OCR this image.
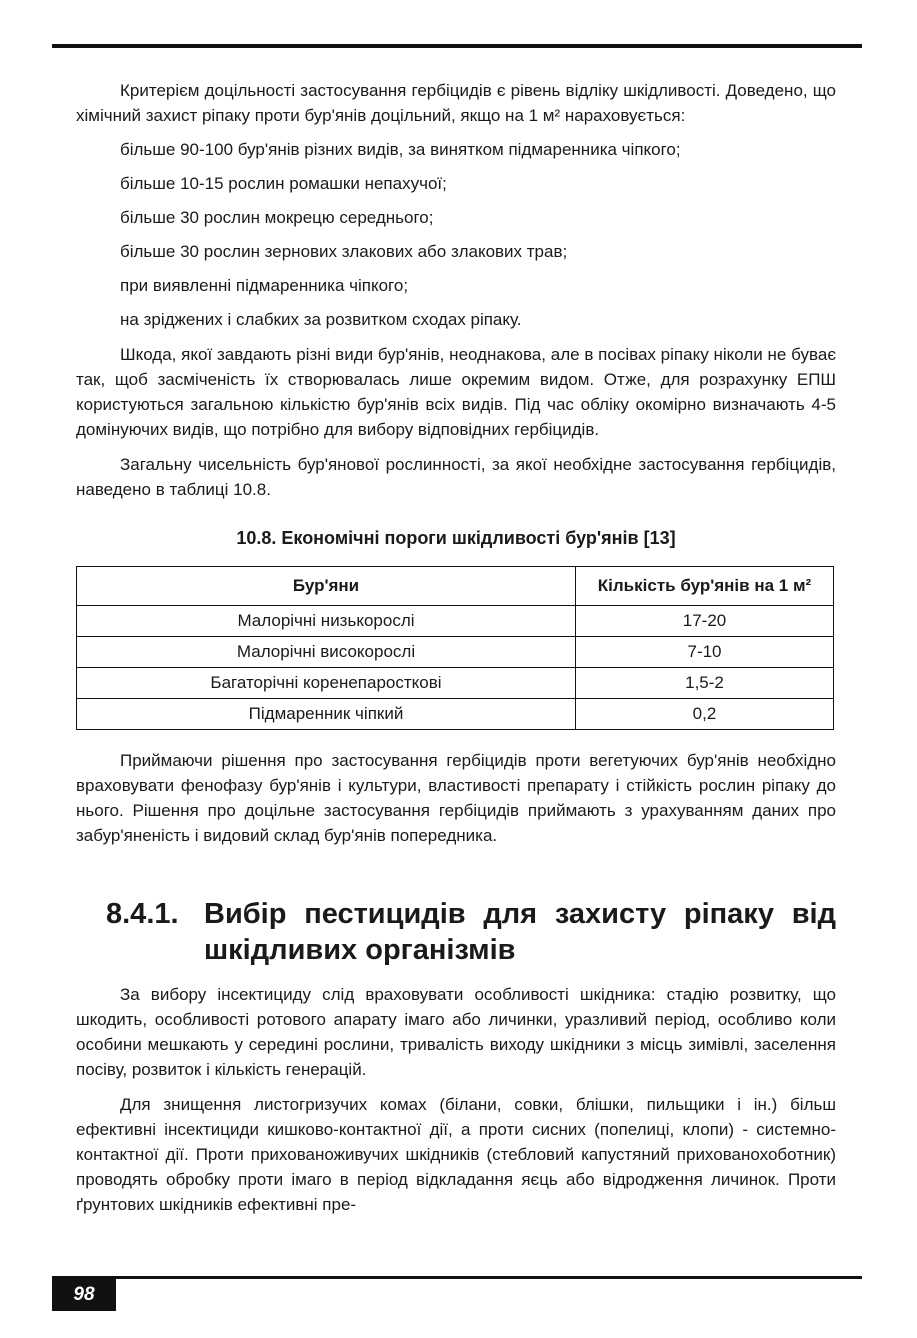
Критерієм доцільності застосування гербіцидів є рівень відліку шкідливості. Доведено, що хімічний захист ріпаку проти бур'янів доцільний, якщо на 1 м² нараховується:

більше 90-100 бур'янів різних видів, за винятком підмаренника чіпкого;
більше 10-15 рослин ромашки непахучої;
більше 30 рослин мокрецю середнього;
більше 30 рослин зернових злакових або злакових трав;
при виявленні підмаренника чіпкого;
на зріджених і слабких за розвитком сходах ріпаку.

Шкода, якої завдають різні види бур'янів, неоднакова, але в посівах ріпаку ніколи не буває так, щоб засміченість їх створювалась лише окремим видом. Отже, для розрахунку ЕПШ користуються загальною кількістю бур'янів всіх видів. Під час обліку окомірно визначають 4-5 домінуючих видів, що потрібно для вибору відповідних гербіцидів.

Загальну чисельність бур'янової рослинності, за якої необхідне застосування гербіцидів, наведено в таблиці 10.8.

10.8. Економічні пороги шкідливості бур'янів [13]
Бур'яни	Кількість бур'янів на 1 м²
Малорічні низькорослі	17-20
Малорічні високорослі	7-10
Багаторічні коренепаросткові	1,5-2
Підмаренник чіпкий	0,2

Приймаючи рішення про застосування гербіцидів проти вегетуючих бур'янів необхідно враховувати фенофазу бур'янів і культури, властивості препарату і стійкість рослин ріпаку до нього. Рішення про доцільне застосування гербіцидів приймають з урахуванням даних про забур'яненість і видовий склад бур'янів попередника.

8.4.1. Вибір пестицидів для захисту ріпаку від шкідливих організмів

За вибору інсектициду слід враховувати особливості шкідника: стадію розвитку, що шкодить, особливості ротового апарату імаго або личинки, уразливий період, особливо коли особини мешкають у середині рослини, тривалість виходу шкідники з місць зимівлі, заселення посіву, розвиток і кількість генерацій.

Для знищення листогризучих комах (білани, совки, блішки, пильщики і ін.) більш ефективні інсектициди кишково-контактної дії, а проти сисних (попелиці, клопи) - системно-контактної дії. Проти прихованоживучих шкідників (стебловий капустяний прихованохоботник) проводять обробку проти імаго в період відкладання яєць або відродження личинок. Проти ґрунтових шкідників ефективні пре-

98
